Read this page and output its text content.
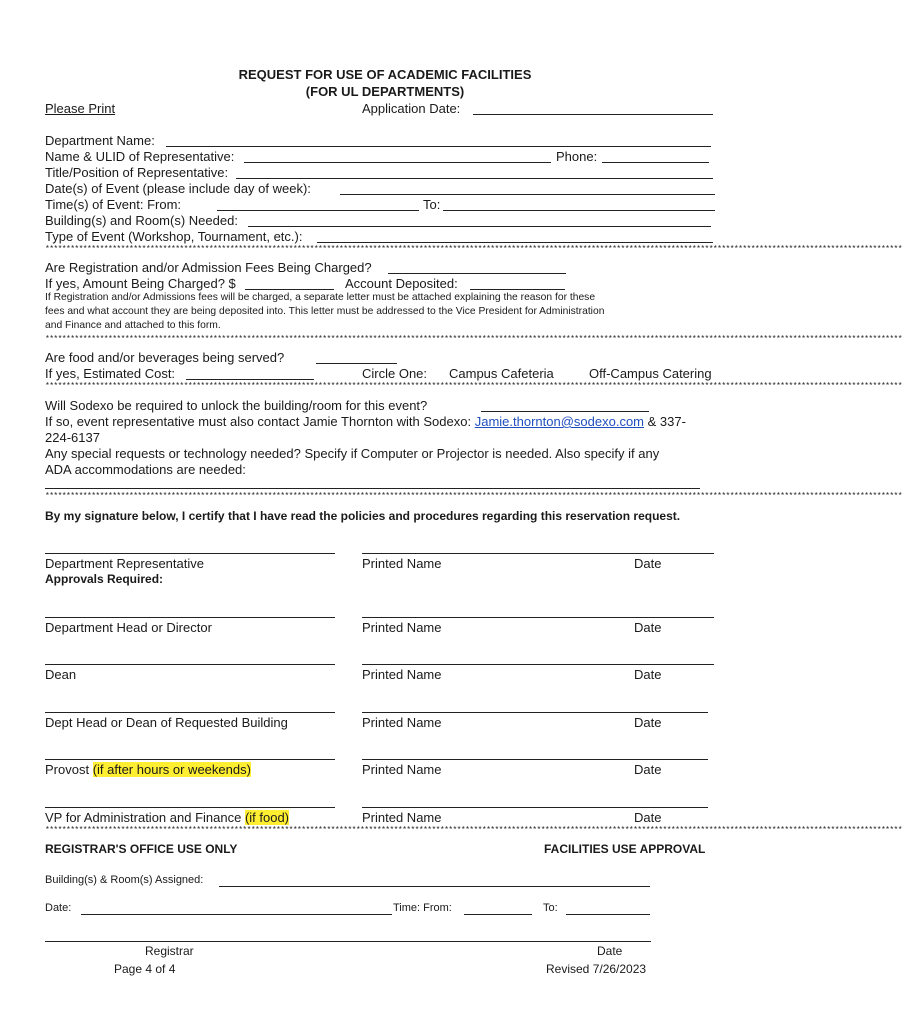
REQUEST FOR USE OF ACADEMIC FACILITIES
(FOR UL DEPARTMENTS)
Please Print	Application Date:
Department Name:
Name & ULID of Representative:	Phone:
Title/Position of Representative:
Date(s) of Event (please include day of week):
Time(s) of Event: From:	To:
Building(s) and Room(s) Needed:
Type of Event (Workshop, Tournament, etc.):
************************************************************************************************************************************************************************************************************
Are Registration and/or Admission Fees Being Charged?
If yes, Amount Being Charged? $	Account Deposited:
If Registration and/or Admissions fees will be charged, a separate letter must be attached explaining the reason for these
fees and what account they are being deposited into. This letter must be addressed to the Vice President for Administration
and Finance and attached to this form.
************************************************************************************************************************************************************************************************************
Are food and/or beverages being served?
If yes, Estimated Cost:	Circle One: Campus Cafeteria	Off-Campus Catering
************************************************************************************************************************************************************************************************************
Will Sodexo be required to unlock the building/room for this event?
If so, event representative must also contact Jamie Thornton with Sodexo: Jamie.thornton@sodexo.com & 337-
224-6137
Any special requests or technology needed? Specify if Computer or Projector is needed. Also specify if any
ADA accommodations are needed:
************************************************************************************************************************************************************************************************************
By my signature below, I certify that I have read the policies and procedures regarding this reservation request.
Department Representative	Printed Name	Date
Approvals Required:
Department Head or Director	Printed Name	Date
Dean	Printed Name	Date
Dept Head or Dean of Requested Building	Printed Name	Date
Provost (if after hours or weekends)	Printed Name	Date
VP for Administration and Finance (if food)	Printed Name	Date
************************************************************************************************************************************************************************************************************
REGISTRAR'S OFFICE USE ONLY	FACILITIES USE APPROVAL
Building(s) & Room(s) Assigned:
Date:	Time: From:	To:
Registrar	Date
Page 4 of 4	Revised 7/26/2023
